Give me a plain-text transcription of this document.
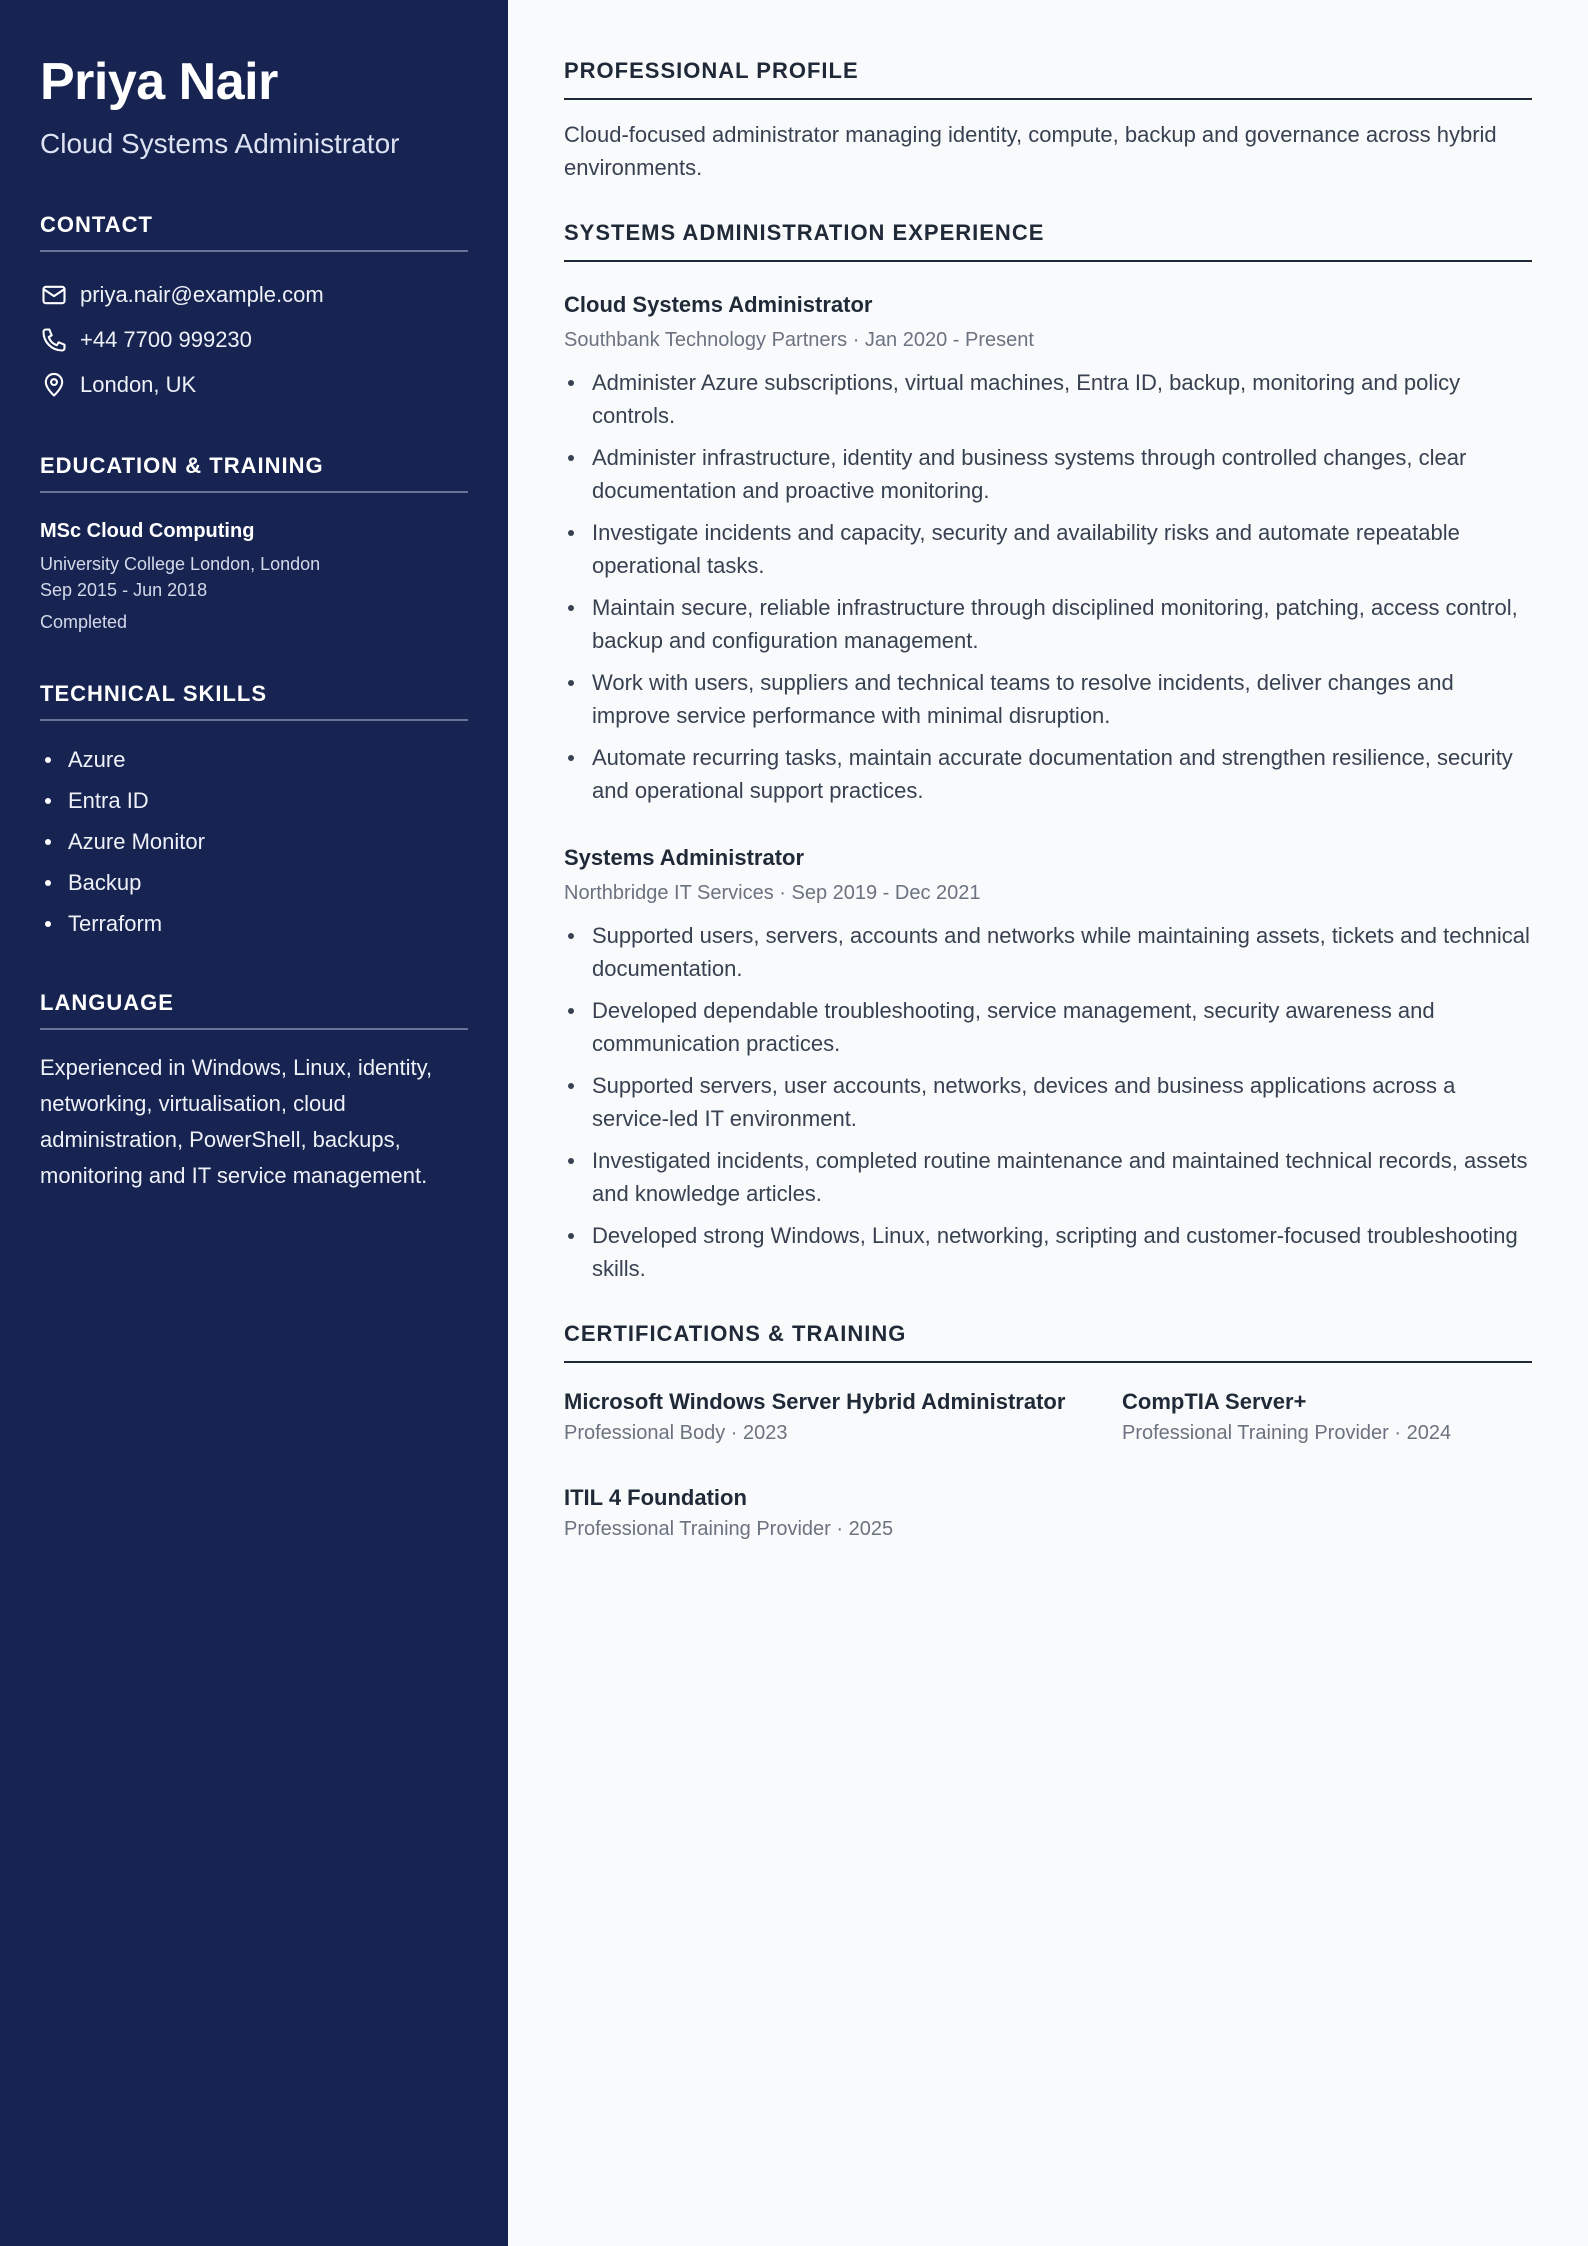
Priya Nair
Cloud Systems Administrator
CONTACT
priya.nair@example.com
+44 7700 999230
London, UK
EDUCATION & TRAINING
MSc Cloud Computing
University College London, London
Sep 2015 - Jun 2018
Completed
TECHNICAL SKILLS
Azure
Entra ID
Azure Monitor
Backup
Terraform
LANGUAGE

Experienced in Windows, Linux, identity, networking, virtualisation, cloud administration, PowerShell, backups, monitoring and IT service management.

PROFESSIONAL PROFILE

Cloud-focused administrator managing identity, compute, backup and governance across hybrid environments.

SYSTEMS ADMINISTRATION EXPERIENCE
Cloud Systems Administrator
Southbank Technology Partners · Jan 2020 - Present
Administer Azure subscriptions, virtual machines, Entra ID, backup, monitoring and policy controls.
Administer infrastructure, identity and business systems through controlled changes, clear documentation and proactive monitoring.
Investigate incidents and capacity, security and availability risks and automate repeatable operational tasks.
Maintain secure, reliable infrastructure through disciplined monitoring, patching, access control, backup and configuration management.
Work with users, suppliers and technical teams to resolve incidents, deliver changes and improve service performance with minimal disruption.
Automate recurring tasks, maintain accurate documentation and strengthen resilience, security and operational support practices.
Systems Administrator
Northbridge IT Services · Sep 2019 - Dec 2021
Supported users, servers, accounts and networks while maintaining assets, tickets and technical documentation.
Developed dependable troubleshooting, service management, security awareness and communication practices.
Supported servers, user accounts, networks, devices and business applications across a service-led IT environment.
Investigated incidents, completed routine maintenance and maintained technical records, assets and knowledge articles.
Developed strong Windows, Linux, networking, scripting and customer-focused troubleshooting skills.
CERTIFICATIONS & TRAINING
Microsoft Windows Server Hybrid Administrator
Professional Body · 2023
CompTIA Server+
Professional Training Provider · 2024
ITIL 4 Foundation
Professional Training Provider · 2025
